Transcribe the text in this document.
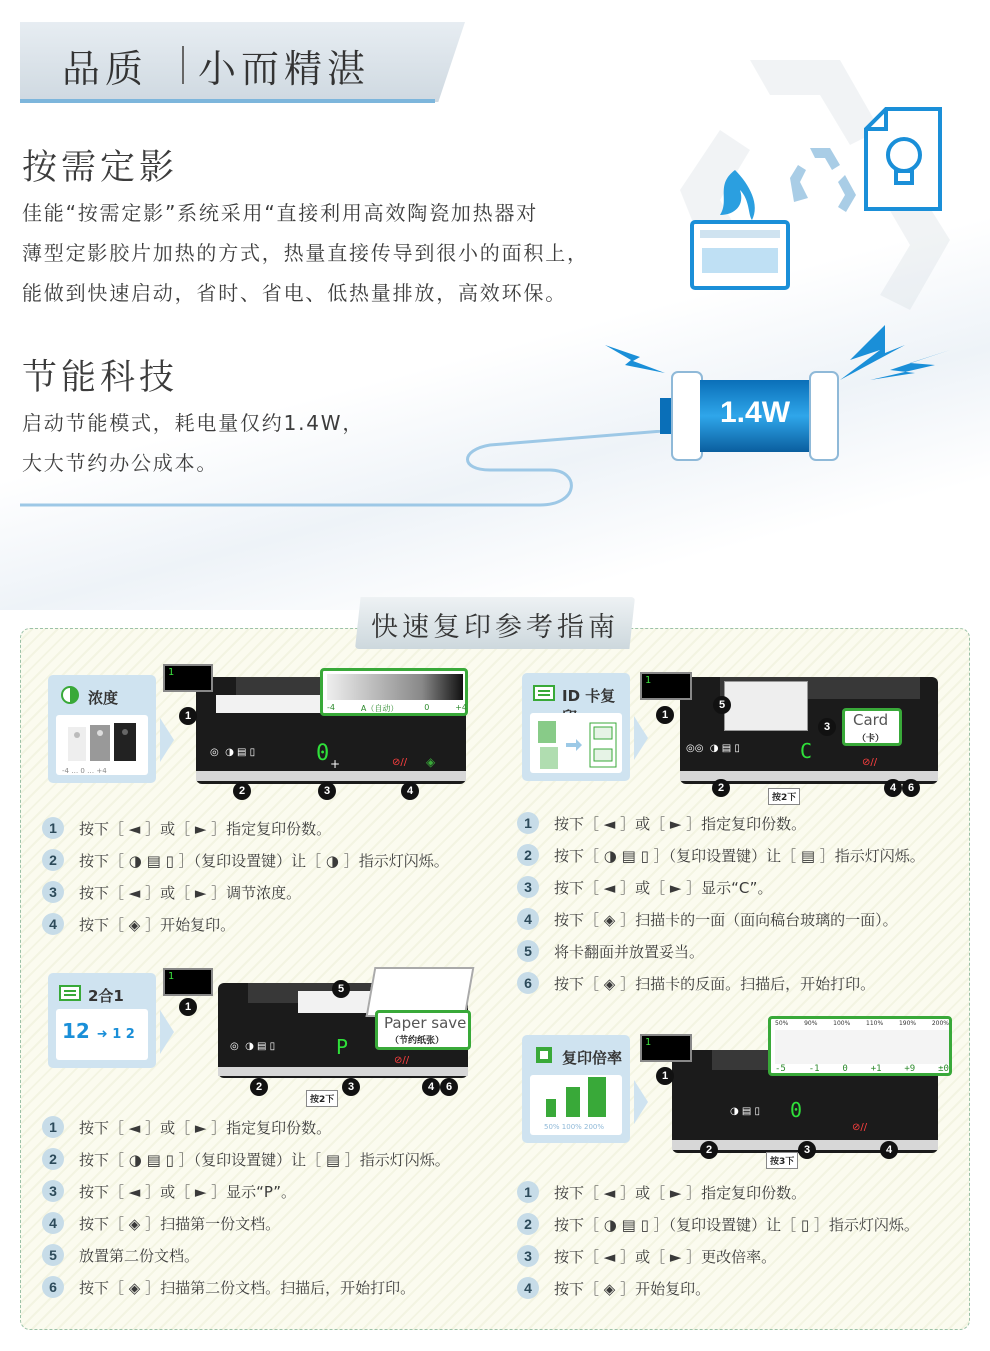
品质 小而精湛
按需定影
佳能“按需定影”系统采用“直接利用高效陶瓷加热器对
薄型定影胶片加热的方式，热量直接传导到很小的面积上，
能做到快速启动，省时、省电、低热量排放，高效环保。
节能科技
启动节能模式，耗电量仅约1.4W，
大大节约办公成本。
1.4W
快速复印参考指南
浓度
-4 … 0 … +4
0
◎  ◑ ▤ ▯
+	⊘// ◈
1
-4	A（自动）	0	+4
1
2	3	4
1	按下［ ◄ ］或［ ► ］指定复印份数。
2	按下［ ◑ ▤ ▯ ］（复印设置键）让［ ◑ ］指示灯闪烁。
3	按下［ ◄ ］或［ ► ］调节浓度。
4	按下［ ◈ ］开始复印。
2合1
12 ➜ 1 2
P
◎  ◑ ▤ ▯
⊘//
1
Paper save
（节约纸张）
按2下
5
1
2	3	4	6
1	按下［ ◄ ］或［ ► ］指定复印份数。
2	按下［ ◑ ▤ ▯ ］（复印设置键）让［ ▤ ］指示灯闪烁。
3	按下［ ◄ ］或［ ► ］显示“P”。
4	按下［ ◈ ］扫描第一份文档。
5	放置第二份文档。
6	按下［ ◈ ］扫描第二份文档。扫描后，开始打印。
ID 卡复
C
◎◎  ◑ ▤ ▯
⊘//
1
Card
（卡）
按2下
5
1
3
2	4	6
1	按下［ ◄ ］或［ ► ］指定复印份数。
2	按下［ ◑ ▤ ▯ ］（复印设置键）让［ ▤ ］指示灯闪烁。
3	按下［ ◄ ］或［ ► ］显示“C”。
4	按下［ ◈ ］扫描卡的一面（面向稿台玻璃的一面）。
5	将卡翻面并放置妥当。
6	按下［ ◈ ］扫描卡的反面。扫描后，开始打印。
复印倍率
50% 100% 200%
0
◑ ▤ ▯
⊘//
1
50%	90%	100%	110%	190%	200%
-5	-1	0	+1	+9	±0
按3下
1
2	3	4
1	按下［ ◄ ］或［ ► ］指定复印份数。
2	按下［ ◑ ▤ ▯ ］（复印设置键）让［ ▯ ］指示灯闪烁。
3	按下［ ◄ ］或［ ► ］更改倍率。
4	按下［ ◈ ］开始复印。
